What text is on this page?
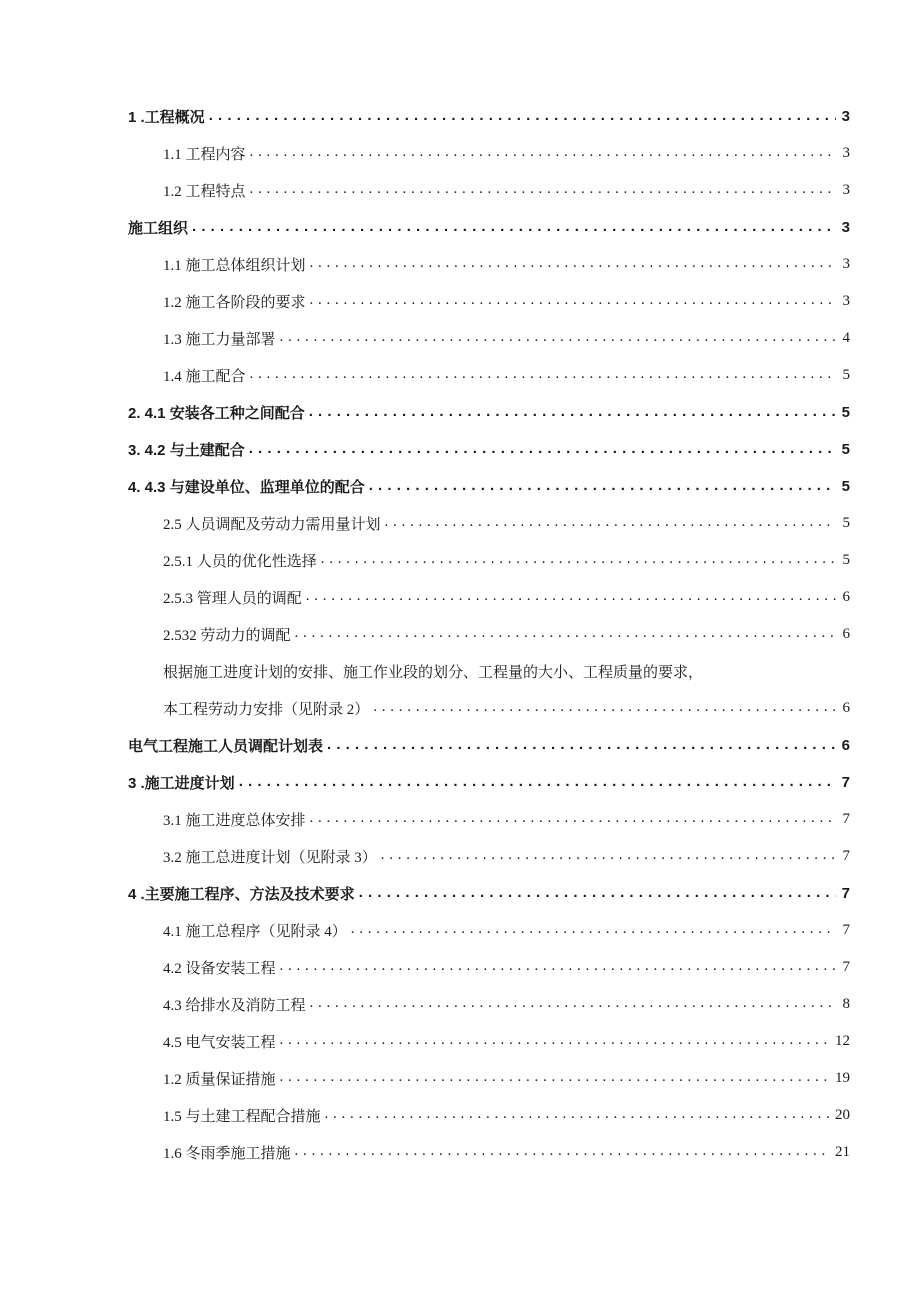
1 .工程概况 . . .	3
1.1 工程内容 . . .	3
1.2 工程特点 . . .	3
施工组织 . . .	3
1.1 施工总体组织计划 . . .	3
1.2 施工各阶段的要求 . . .	3
1.3 施工力量部署 . . .	4
1.4 施工配合 . . .	5
2. 4.1 安装各工种之间配合 . . .	5
3. 4.2 与土建配合 . . .	5
4. 4.3 与建设单位、监理单位的配合 . . .	5
2.5 人员调配及劳动力需用量计划 . . .	5
2.5.1 人员的优化性选择 . . .	5
2.5.3 管理人员的调配 . . .	6
2.532 劳动力的调配 . . .	6
根据施工进度计划的安排、施工作业段的划分、工程量的大小、工程质量的要求，
本工程劳动力安排（见附录 2） . . .	6
电气工程施工人员调配计划表 . . .	6
3 .施工进度计划 . . .	7
3.1 施工进度总体安排 . . .	7
3.2 施工总进度计划（见附录 3） . . .	7
4 .主要施工程序、方法及技术要求 . . .	7
4.1 施工总程序（见附录 4） . . .	7
4.2 设备安装工程 . . .	7
4.3 给排水及消防工程 . . .	8
4.5 电气安装工程 . . .	12
1.2 质量保证措施 . . .	19
1.5 与土建工程配合措施 . . .	20
1.6 冬雨季施工措施 . . .	21
